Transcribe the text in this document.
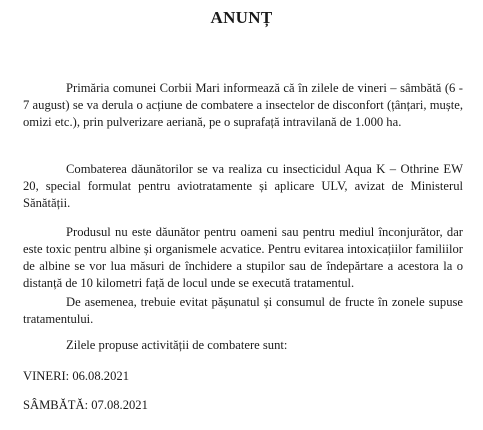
ANUNȚ
Primăria comunei Corbii Mari informează că în zilele de vineri – sâmbătă (6 - 7 august) se va derula o acțiune de combatere a insectelor de disconfort (țânțari, muște, omizi etc.), prin pulverizare aeriană, pe o suprafață intravilană de 1.000 ha.
Combaterea dăunătorilor se va realiza cu insecticidul Aqua K – Othrine EW 20, special formulat pentru aviotratamente și aplicare ULV, avizat de Ministerul Sănătății.
Produsul nu este dăunător pentru oameni sau pentru mediul înconjurător, dar este toxic pentru albine și organismele acvatice. Pentru evitarea intoxicațiilor familiilor de albine se vor lua măsuri de închidere a stupilor sau de îndepărtare a acestora la o distanță de 10 kilometri față de locul unde se execută tratamentul.
De asemenea, trebuie evitat pășunatul și consumul de fructe în zonele supuse tratamentului.
Zilele propuse activității de combatere sunt:
VINERI: 06.08.2021
SÂMBĂTĂ: 07.08.2021
